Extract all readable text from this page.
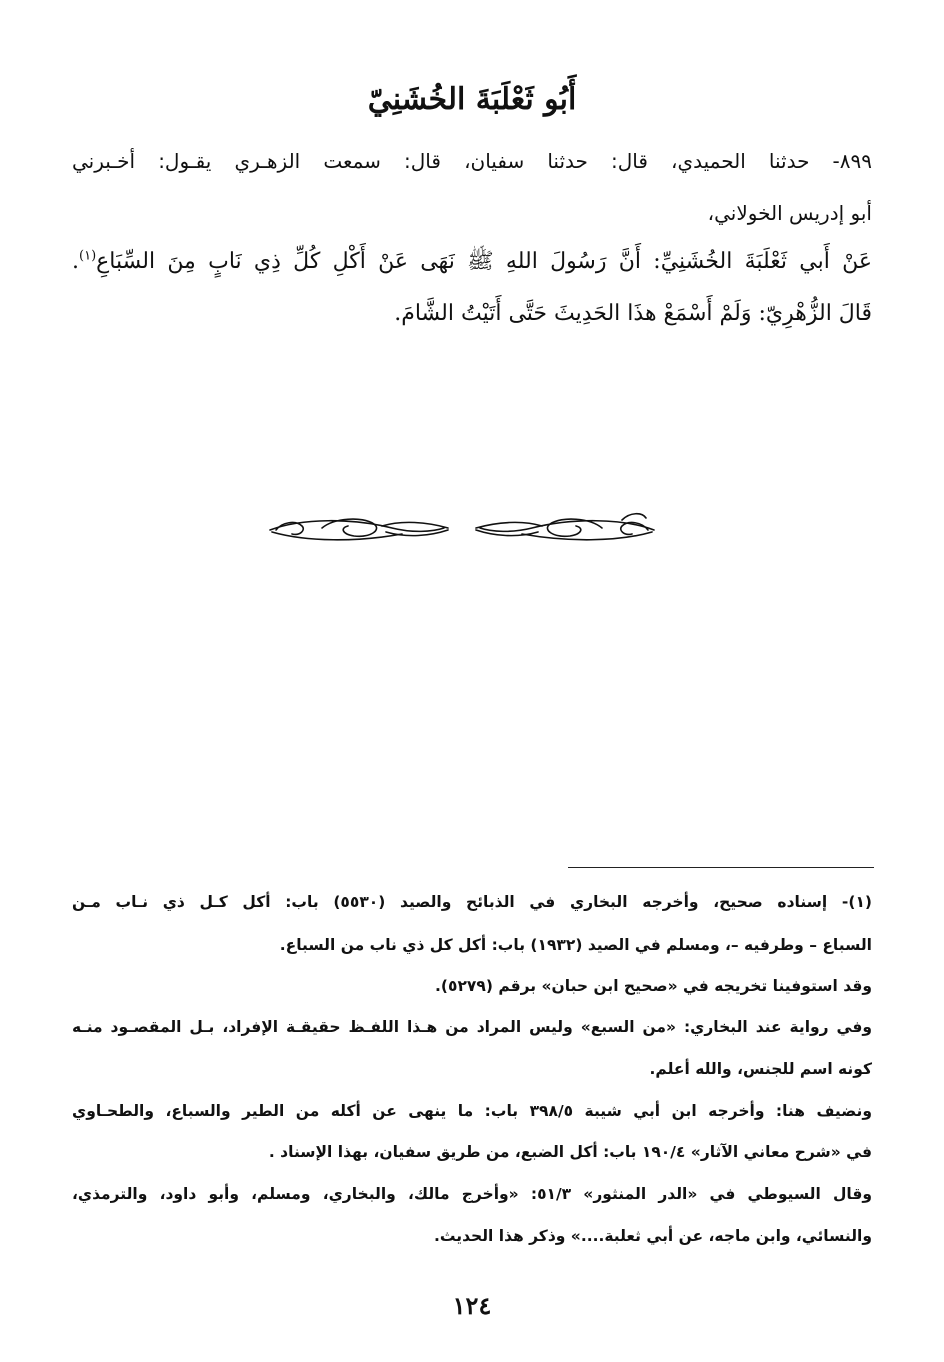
أَبُو ثَعْلَبَةَ الخُشَنِيّ
٨٩٩- حدثنا الحميدي، قال: حدثنا سفيان، قال: سمعت الزهـري يقـول: أخـبرني
أبو إدريس الخولاني،
عَنْ أَبي ثَعْلَبَةَ الخُشَنِيِّ: أَنَّ رَسُولَ اللهِ ﷺ نَهَى عَنْ أَكْلِ كُلِّ ذِي نَابٍ مِنَ السِّبَاعِ$^{(١)}$.
قَالَ الزُّهْرِيّ: وَلَمْ أَسْمَعْ هذَا الحَدِيثَ حَتَّى أَتَيْتُ الشَّامَ.
(١)- إسناده صحيح، وأخرجه البخاري في الذبائح والصيد (٥٥٣٠) باب: أكل كـل ذي نـاب مـن
السباع – وطرفيه –، ومسلم في الصيد (١٩٣٢) باب: أكل كل ذي ناب من السباع.
وقد استوفينا تخريجه في «صحيح ابن حبان» برقم (٥٢٧٩).
وفي رواية عند البخاري: «من السبع» وليس المراد من هـذا اللفـظ حقيقـة الإفراد، بـل المقصـود منـه
كونه اسم للجنس، والله أعلم.
ونضيف هنا: وأخرجه ابن أبي شيبة ٣٩٨/٥ باب: ما ينهى عن أكله من الطير والسباع، والطحـاوي
في «شرح معاني الآثار» ١٩٠/٤ باب: أكل الضبع، من طريق سفيان، بهذا الإسناد .
وقال السيوطي في «الدر المنثور» ٥١/٣: «وأخرج مالك، والبخاري، ومسلم، وأبو داود، والترمذي،
والنسائي، وابن ماجه، عن أبي ثعلبة....» وذكر هذا الحديث.
١٢٤
